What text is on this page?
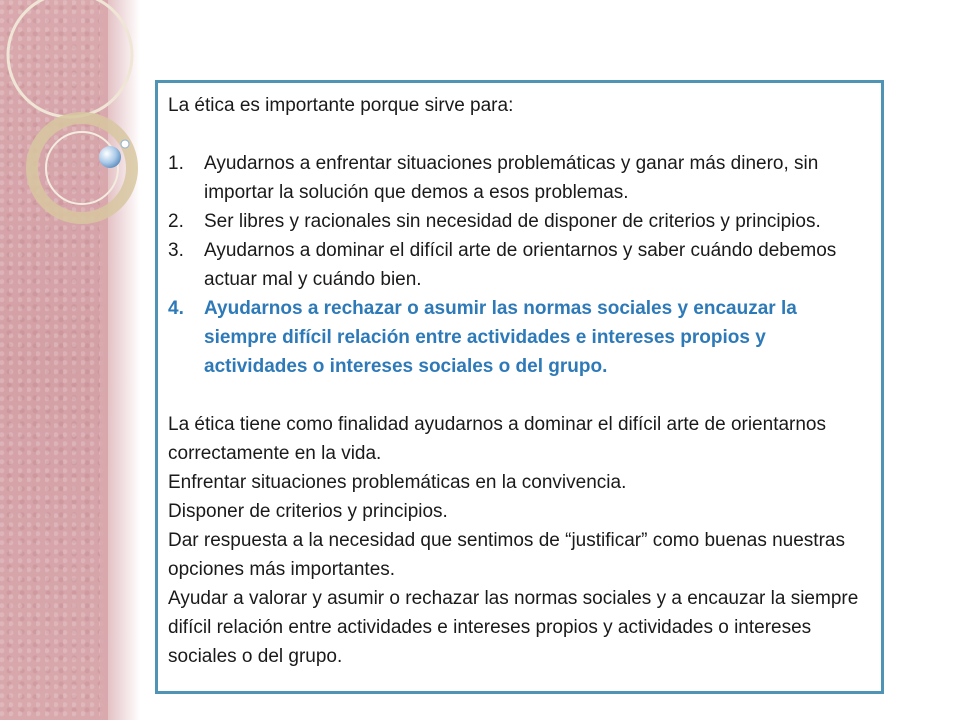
La ética es importante porque sirve para:

1.	Ayudarnos a enfrentar situaciones problemáticas y ganar más dinero, sin importar la solución que demos a esos problemas.
2.	Ser libres y racionales sin necesidad de disponer de criterios y principios.
3.	Ayudarnos a dominar el difícil arte de orientarnos y saber cuándo debemos actuar mal y cuándo bien.
4.	Ayudarnos a rechazar o asumir las normas sociales y encauzar la siempre difícil relación entre actividades e intereses propios y actividades o intereses sociales o del grupo.

La ética tiene como finalidad ayudarnos a dominar el difícil arte de orientarnos correctamente en la vida.

Enfrentar situaciones problemáticas en la convivencia.

Disponer de criterios y principios.

Dar respuesta a la necesidad que sentimos de “justificar” como buenas nuestras opciones más importantes.

Ayudar a valorar y asumir o rechazar las normas sociales y a encauzar la siempre difícil relación entre actividades e intereses propios y actividades o intereses sociales o del grupo.
